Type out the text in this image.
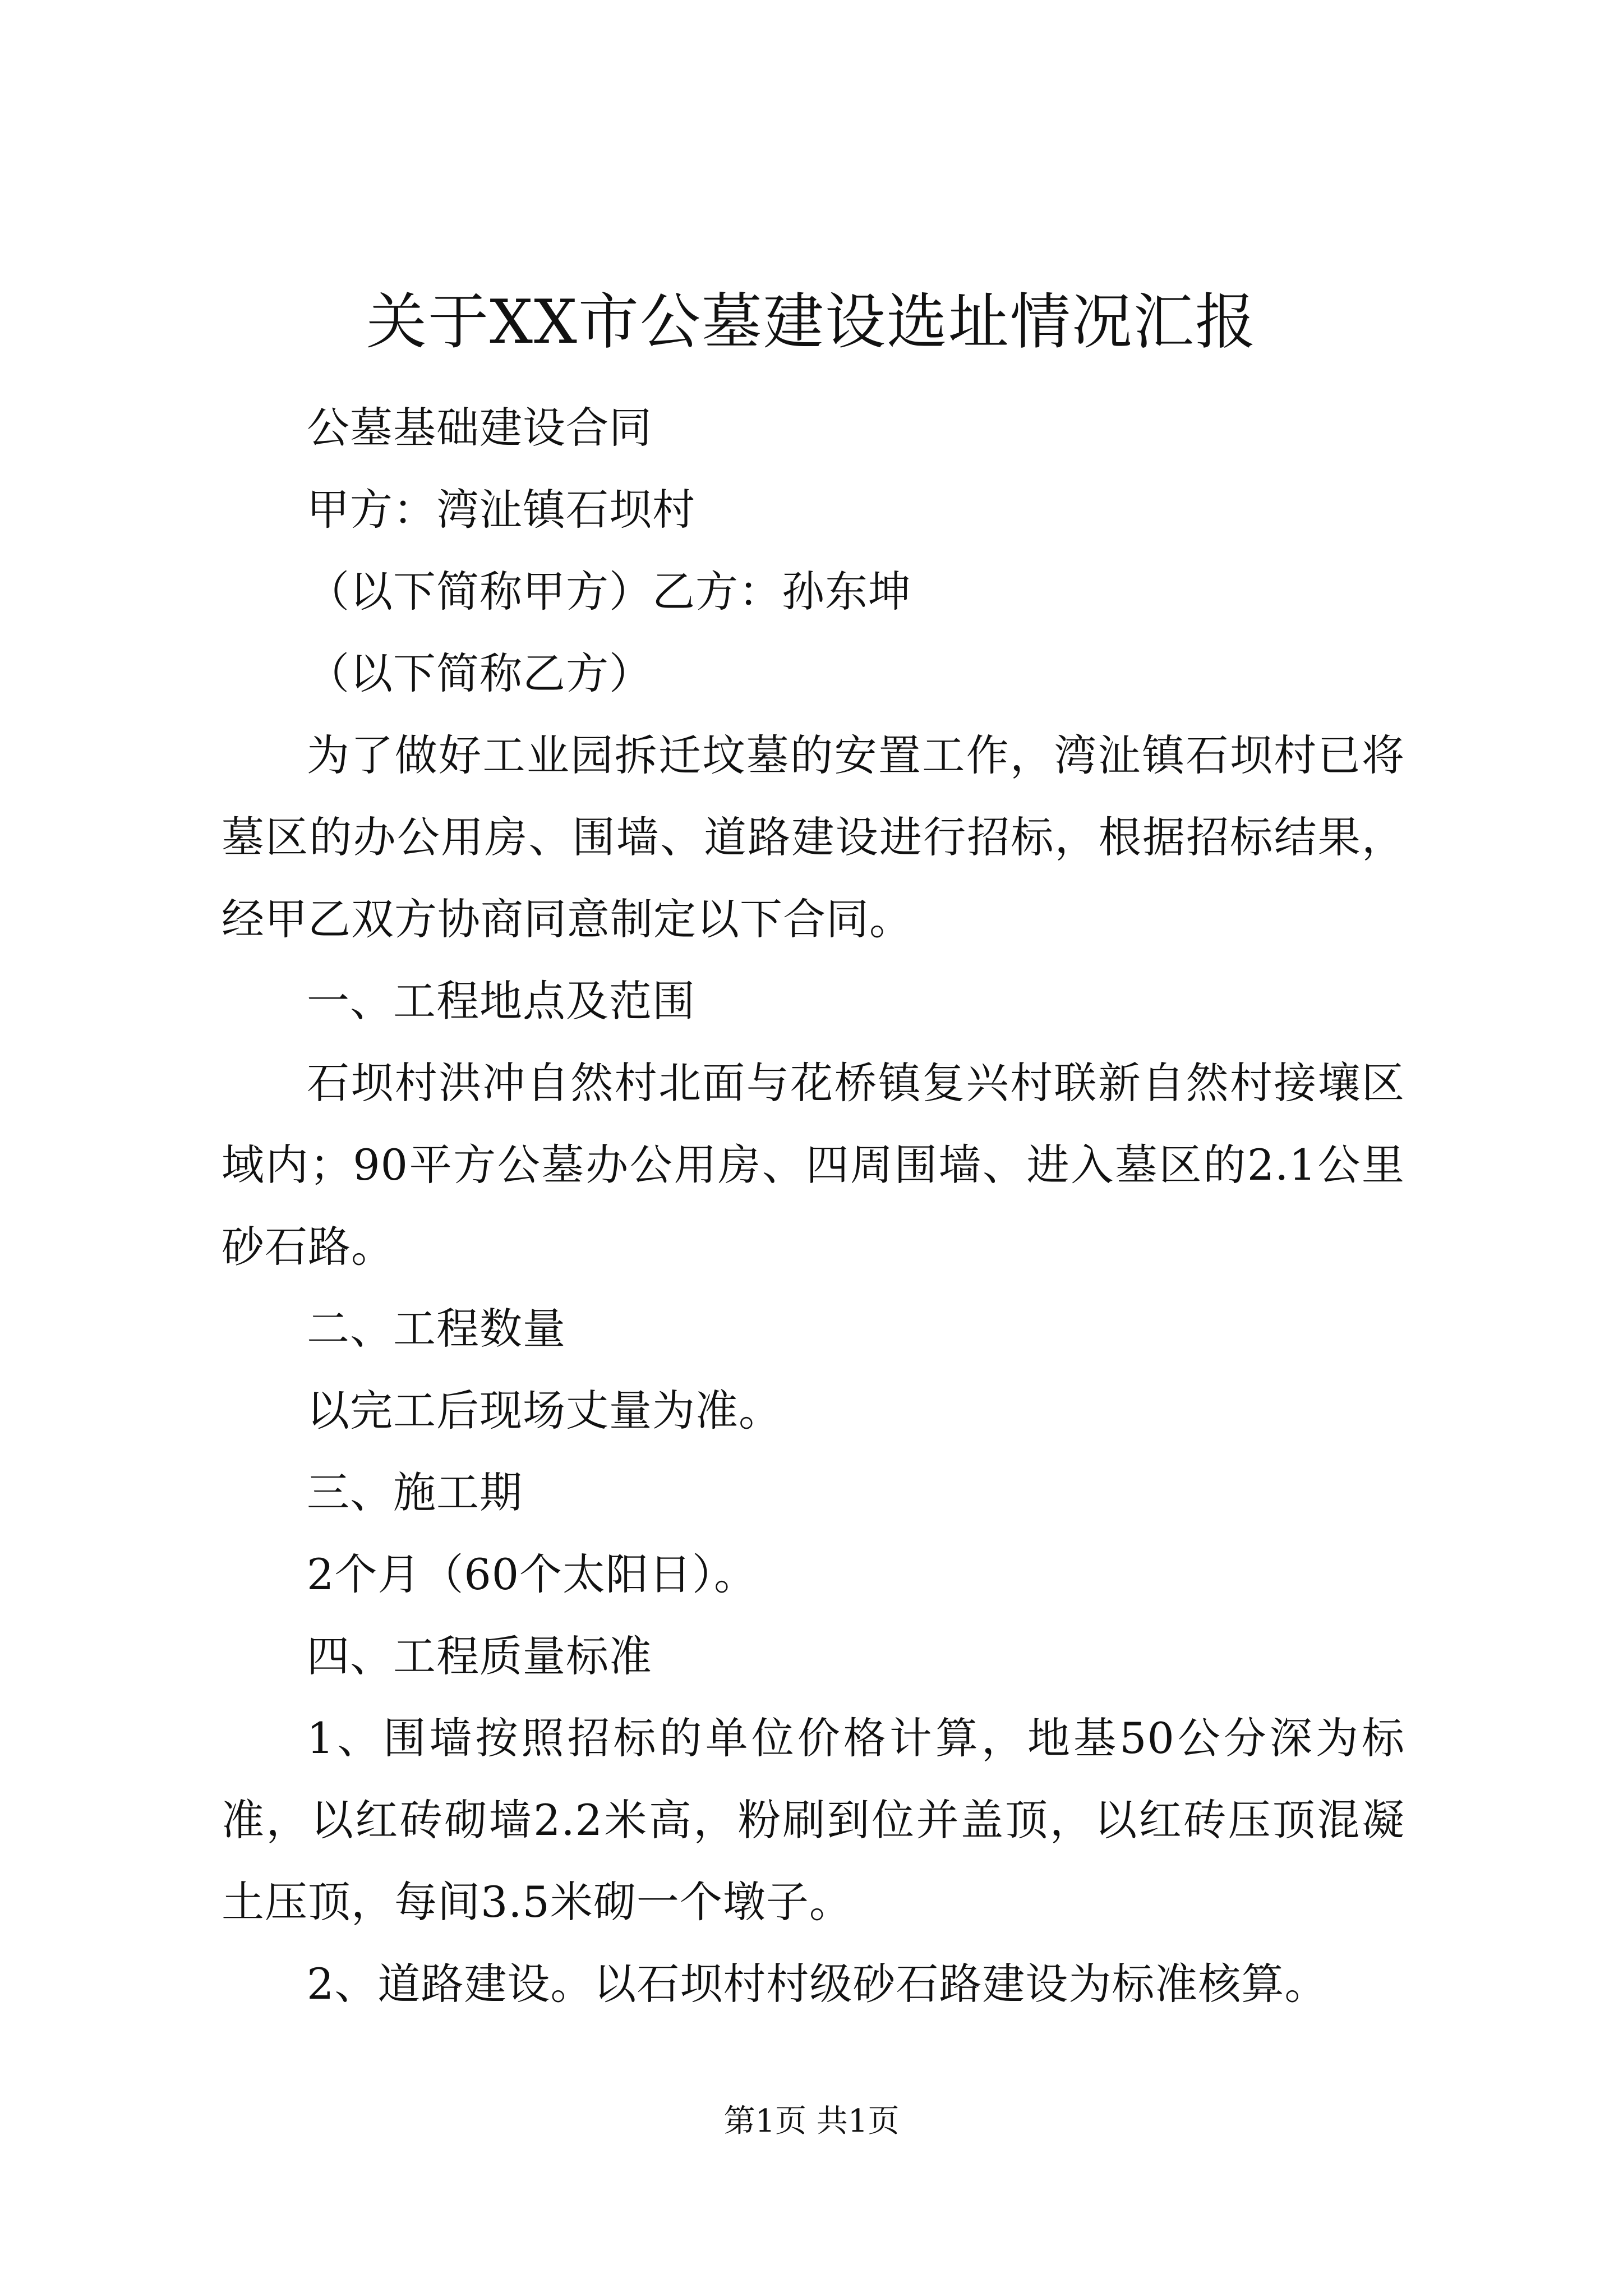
关于XX市公墓建设选址情况汇报

公墓基础建设合同

甲方：湾沚镇石坝村

（以下简称甲方）乙方：孙东坤

（以下简称乙方）

为了做好工业园拆迁坟墓的安置工作，湾沚镇石坝村已将墓区的办公用房、围墙、道路建设进行招标，根据招标结果，经甲乙双方协商同意制定以下合同。

一、工程地点及范围

石坝村洪冲自然村北面与花桥镇复兴村联新自然村接壤区域内；90平方公墓办公用房、四周围墙、进入墓区的2.1公里砂石路。

二、工程数量

以完工后现场丈量为准。

三、施工期

2个月（60个太阳日）。

四、工程质量标准

1、围墙按照招标的单位价格计算，地基50公分深为标准，以红砖砌墙2.2米高，粉刷到位并盖顶，以红砖压顶混凝土压顶，每间3.5米砌一个墩子。

2、道路建设。以石坝村村级砂石路建设为标准核算。

第1页 共1页
